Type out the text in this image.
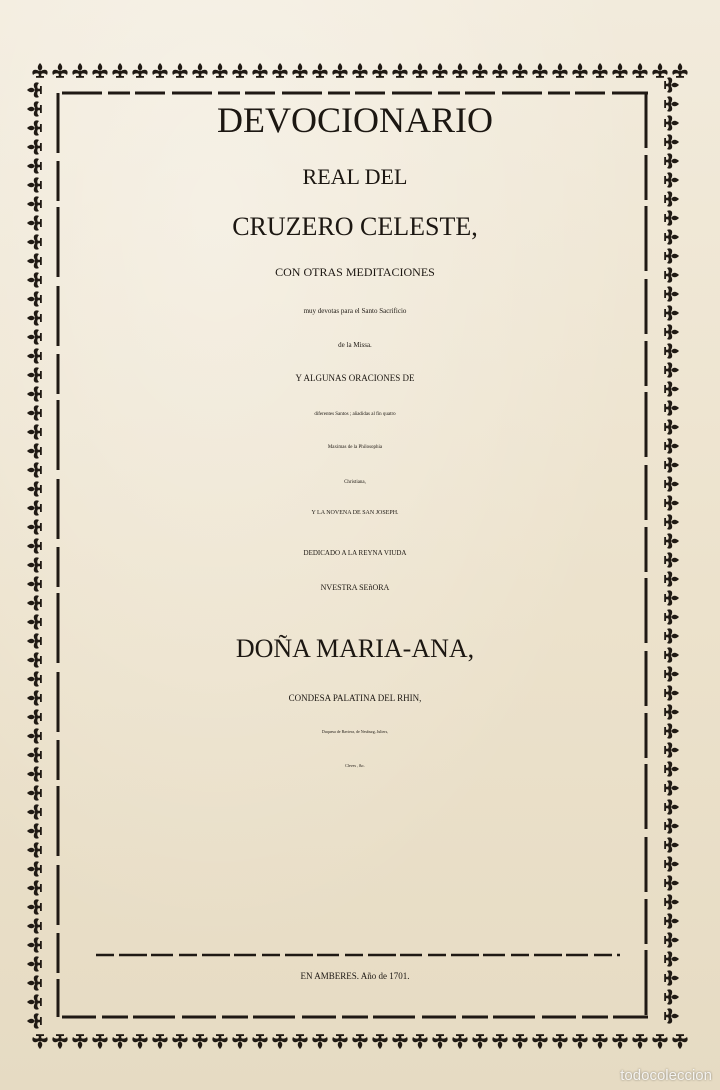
DEVOCIONARIO
REAL DEL
CRUZERO CELESTE,
CON OTRAS MEDITACIONES
muy devotas para el Santo Sacrificio
de la Missa.
Y ALGUNAS ORACIONES DE
diferentes Santos ; añadidas al fin quatro
Maximas de la Philosophia
Christiana,
Y LA NOVENA DE SAN JOSEPH.
DEDICADO A LA REYNA VIUDA
NVESTRA SEñORA
DOÑA MARIA-ANA,
CONDESA PALATINA DEL RHIN,
Duquesa de Baviera, de Neuburg, Juliers,
Cleves , &c.
EN AMBERES. Año de 1701.
todocoleccion
